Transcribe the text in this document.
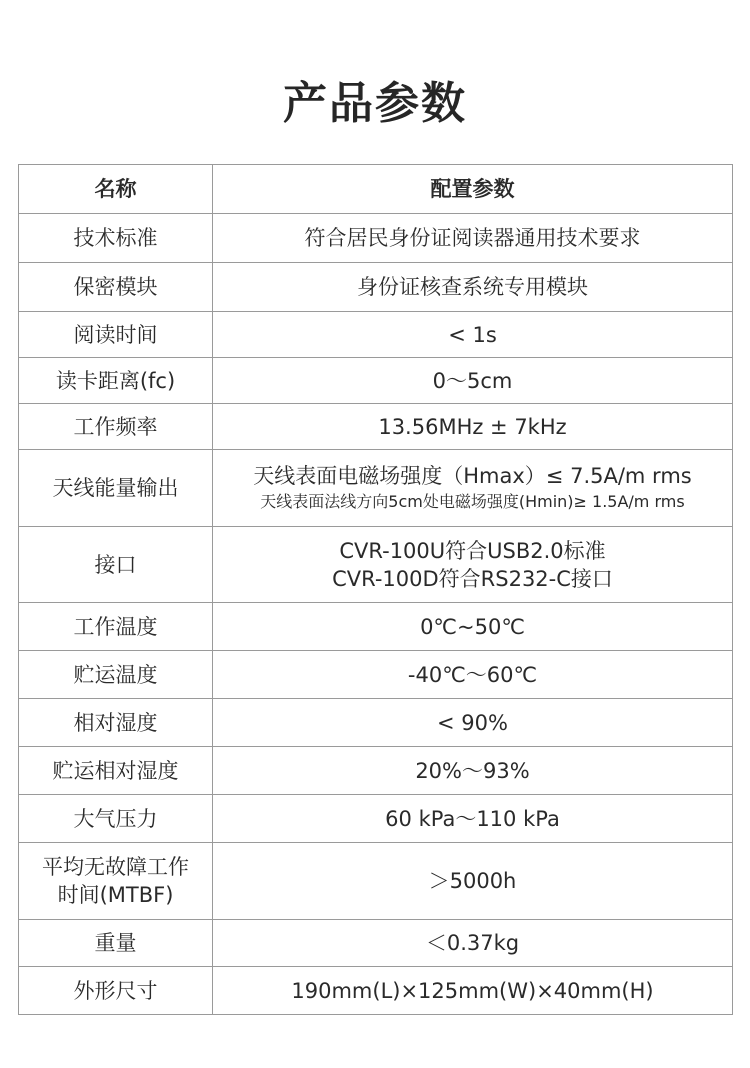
产品参数
名称	配置参数
技术标准	符合居民身份证阅读器通用技术要求
保密模块	身份证核查系统专用模块
阅读时间	< 1s
读卡距离(fc)	0～5cm
工作频率	13.56MHz ± 7kHz
天线能量输出	天线表面电磁场强度（Hmax）≤ 7.5A/m rms
天线表面法线方向5cm处电磁场强度(Hmin)≥ 1.5A/m rms

接口	CVR-100U符合USB2.0标准
CVR-100D符合RS232-C接口

工作温度	0℃~50℃
贮运温度	-40℃～60℃
相对湿度	< 90%
贮运相对湿度	20%～93%
大气压力	60 kPa～110 kPa

平均无故障工作
时间(MTBF)	＞5000h
重量	＜0.37kg
外形尺寸	190mm(L)×125mm(W)×40mm(H)
